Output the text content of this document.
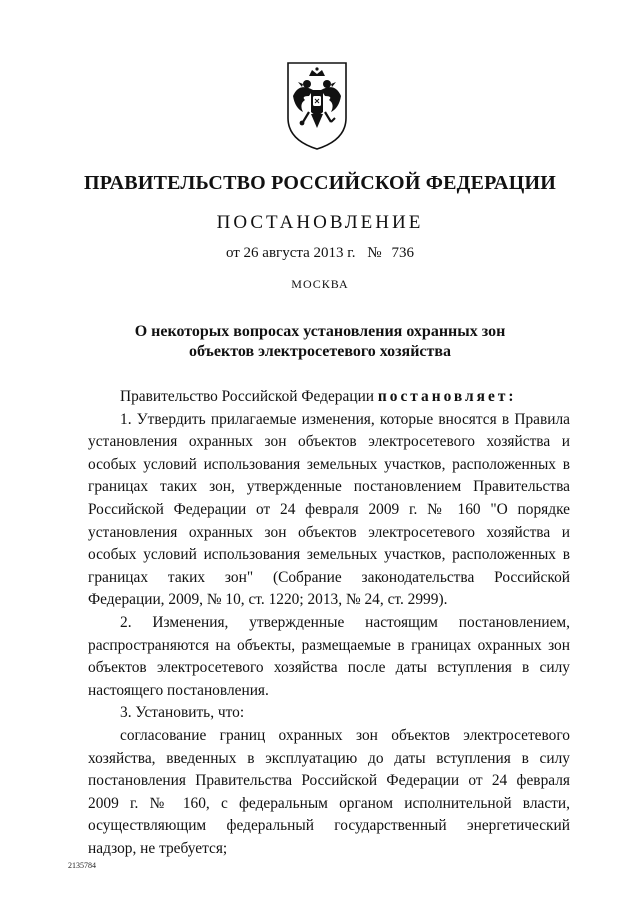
ПРАВИТЕЛЬСТВО РОССИЙСКОЙ ФЕДЕРАЦИИ
ПОСТАНОВЛЕНИЕ
от 26 августа 2013 г. № 736
МОСКВА
О некоторых вопросах установления охранных зон
объектов электросетевого хозяйства

Правительство Российской Федерации постановляет:

1. Утвердить прилагаемые изменения, которые вносятся в Правила установления охранных зон объектов электросетевого хозяйства и особых условий использования земельных участков, расположенных в границах таких зон, утвержденные постановлением Правительства Российской Федерации от 24 февраля 2009 г. № 160 "О порядке установления охранных зон объектов электросетевого хозяйства и особых условий использования земельных участков, расположенных в границах таких зон" (Собрание законодательства Российской Федерации, 2009, № 10, ст. 1220; 2013, № 24, ст. 2999).

2. Изменения, утвержденные настоящим постановлением, распространяются на объекты, размещаемые в границах охранных зон объектов электросетевого хозяйства после даты вступления в силу настоящего постановления.

3. Установить, что:

согласование границ охранных зон объектов электросетевого хозяйства, введенных в эксплуатацию до даты вступления в силу постановления Правительства Российской Федерации от 24 февраля 2009 г. № 160, с федеральным органом исполнительной власти, осуществляющим федеральный государственный энергетический надзор, не требуется;

2135784
